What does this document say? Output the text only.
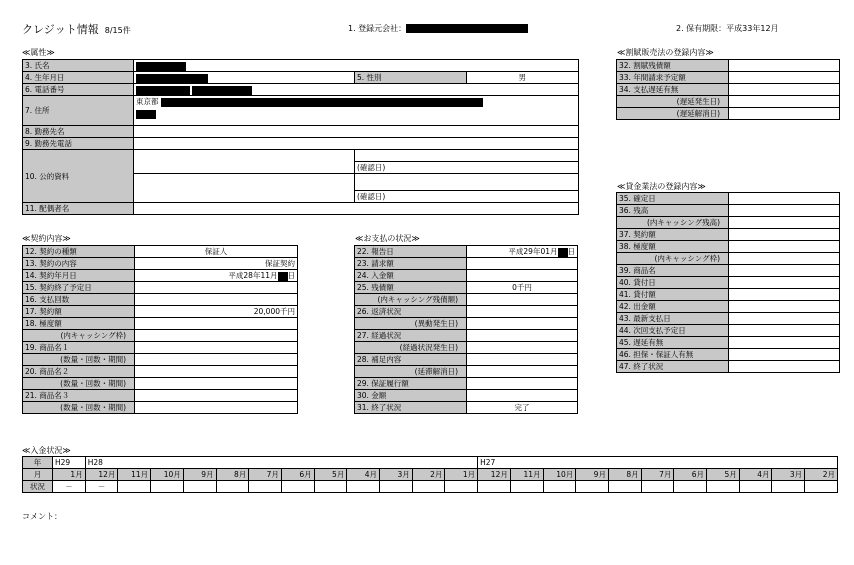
クレジット情報 8/15件	1. 登録元会社：	2. 保有期限：平成33年12月
≪属性≫
3. 氏名			
4. 生年月日		5. 性別	男
6. 電話番号			
7. 住所	東京都		

8. 勤務先名			
9. 勤務先電話			
10. 公的資料			
		(確認日)	

		(確認日)	
11. 配偶者名			
≪割賦販売法の登録内容≫
32. 割賦残債額	
33. 年間請求予定額	
34. 支払遅延有無	
(遅延発生日)	
(遅延解消日)	
≪貸金業法の登録内容≫
35. 確定日	
36. 残高	
(内キャッシング残高)	
37. 契約額	
38. 極度額	
(内キャッシング枠)	
39. 商品名	
40. 貸付日	
41. 貸付額	
42. 出金額	
43. 最新支払日	
44. 次回支払予定日	
45. 遅延有無	
46. 担保・保証人有無	
47. 終了状況	
≪契約内容≫
12. 契約の種類	保証人
13. 契約の内容	保証契約
14. 契約年月日	平成28年11月 日
15. 契約終了予定日	
16. 支払回数	
17. 契約額	20,000千円
18. 極度額	
(内キャッシング枠)	
19. 商品名１	
(数量・回数・期間)	
20. 商品名２	
(数量・回数・期間)	
21. 商品名３	
(数量・回数・期間)	
≪お支払の状況≫
22. 報告日	平成29年01月 日
23. 請求額	
24. 入金額	
25. 残債額	0千円
(内キャッシング残債額)	
26. 返済状況	
(異動発生日)	
27. 経過状況	
(経過状況発生日)	
28. 補足内容	
(延滞解消日)	
29. 保証履行額	
30. 金額	
31. 終了状況	完了
≪入金状況≫
年	H29	H28												H27										
月	1月	12月	11月	10月	9月	8月	7月	6月	5月	4月	3月	2月	1月	12月	11月	10月	9月	8月	7月	6月	5月	4月	3月	2月
状況	－	－																						
コメント：
